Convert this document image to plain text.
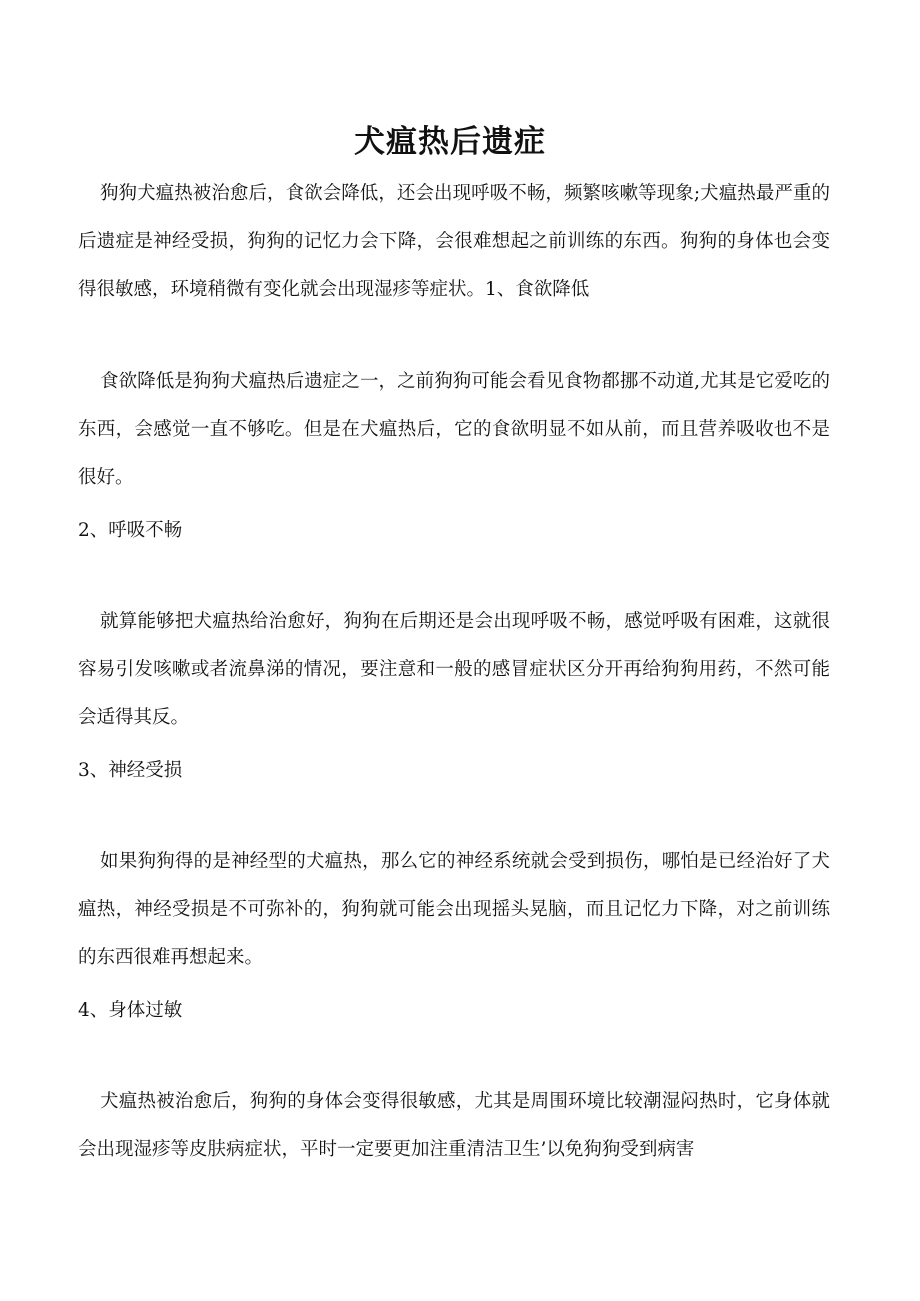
犬瘟热后遗症

狗狗犬瘟热被治愈后，食欲会降低，还会出现呼吸不畅，频繁咳嗽等现象;犬瘟热最严重的后遗症是神经受损，狗狗的记忆力会下降，会很难想起之前训练的东西。狗狗的身体也会变得很敏感，环境稍微有变化就会出现湿疹等症状。1、食欲降低

食欲降低是狗狗犬瘟热后遗症之一，之前狗狗可能会看见食物都挪不动道,尤其是它爱吃的东西，会感觉一直不够吃。但是在犬瘟热后，它的食欲明显不如从前，而且营养吸收也不是很好。

2、呼吸不畅

就算能够把犬瘟热给治愈好，狗狗在后期还是会出现呼吸不畅，感觉呼吸有困难，这就很容易引发咳嗽或者流鼻涕的情况，要注意和一般的感冒症状区分开再给狗狗用药，不然可能会适得其反。

3、神经受损

如果狗狗得的是神经型的犬瘟热，那么它的神经系统就会受到损伤，哪怕是已经治好了犬瘟热，神经受损是不可弥补的，狗狗就可能会出现摇头晃脑，而且记忆力下降，对之前训练的东西很难再想起来。

4、身体过敏

犬瘟热被治愈后，狗狗的身体会变得很敏感，尤其是周围环境比较潮湿闷热时，它身体就会出现湿疹等皮肤病症状，平时一定要更加注重清洁卫生’以免狗狗受到病害
